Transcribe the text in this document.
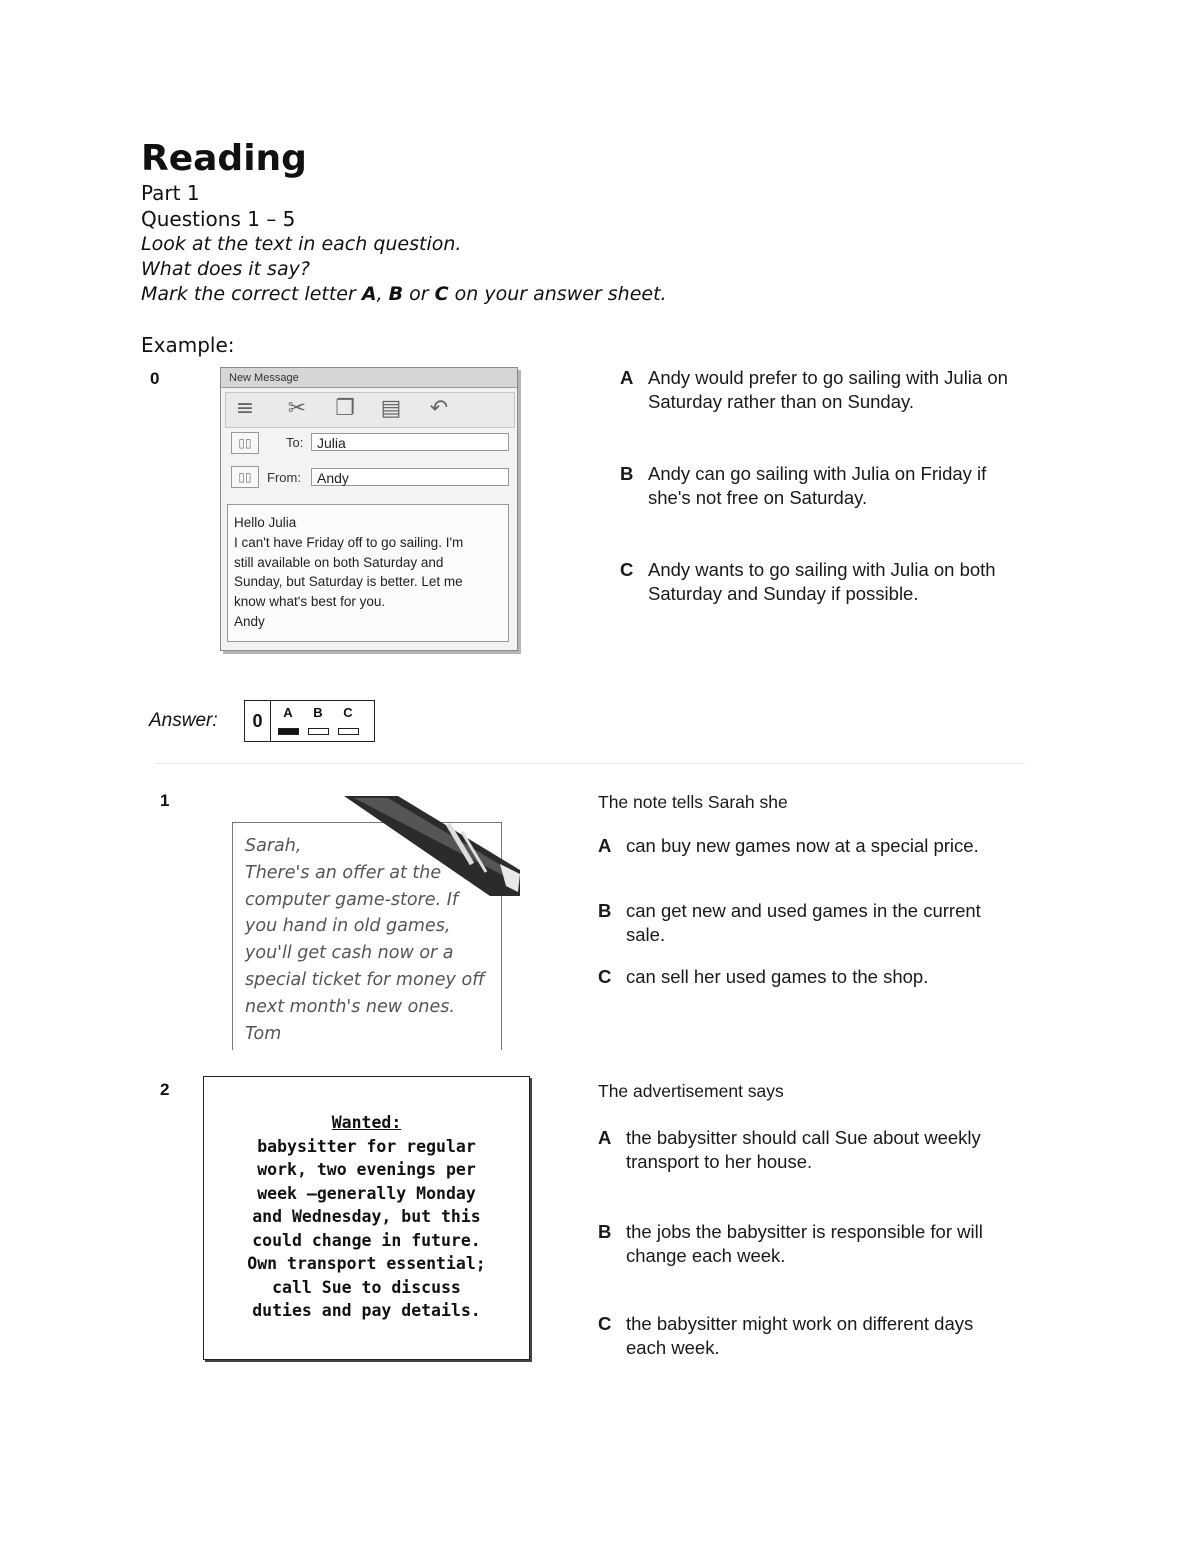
Reading
Part 1
Questions 1 – 5
Look at the text in each question.
What does it say?
Mark the correct letter A, B or C on your answer sheet.
Example:
0	New Message
≡ ✂ ❐ ▤ ↶
▯▯	To: Julia
▯▯	From:	Andy
Hello Julia
I can't have Friday off to go sailing. I'm
still available on both Saturday and
Sunday, but Saturday is better. Let me
know what's best for you.
Andy
A Andy would prefer to go sailing with Julia on
Saturday rather than on Sunday.
B Andy can go sailing with Julia on Friday if
she's not free on Saturday.
C Andy wants to go sailing with Julia on both
Saturday and Sunday if possible.
Answer:	0	A	B	C
1
Sarah,
There's an offer at the
computer game-store. If
you hand in old games,
you'll get cash now or a
special ticket for money off
next month's new ones.
Tom
The note tells Sarah she
A can buy new games now at a special price.
B can get new and used games in the current
sale.
C can sell her used games to the shop.
2
Wanted:
babysitter for regular
work, two evenings per
week –generally Monday
and Wednesday, but this
could change in future.
Own transport essential;
call Sue to discuss
duties and pay details.
The advertisement says
A the babysitter should call Sue about weekly
transport to her house.
B the jobs the babysitter is responsible for will
change each week.
C the babysitter might work on different days
each week.
